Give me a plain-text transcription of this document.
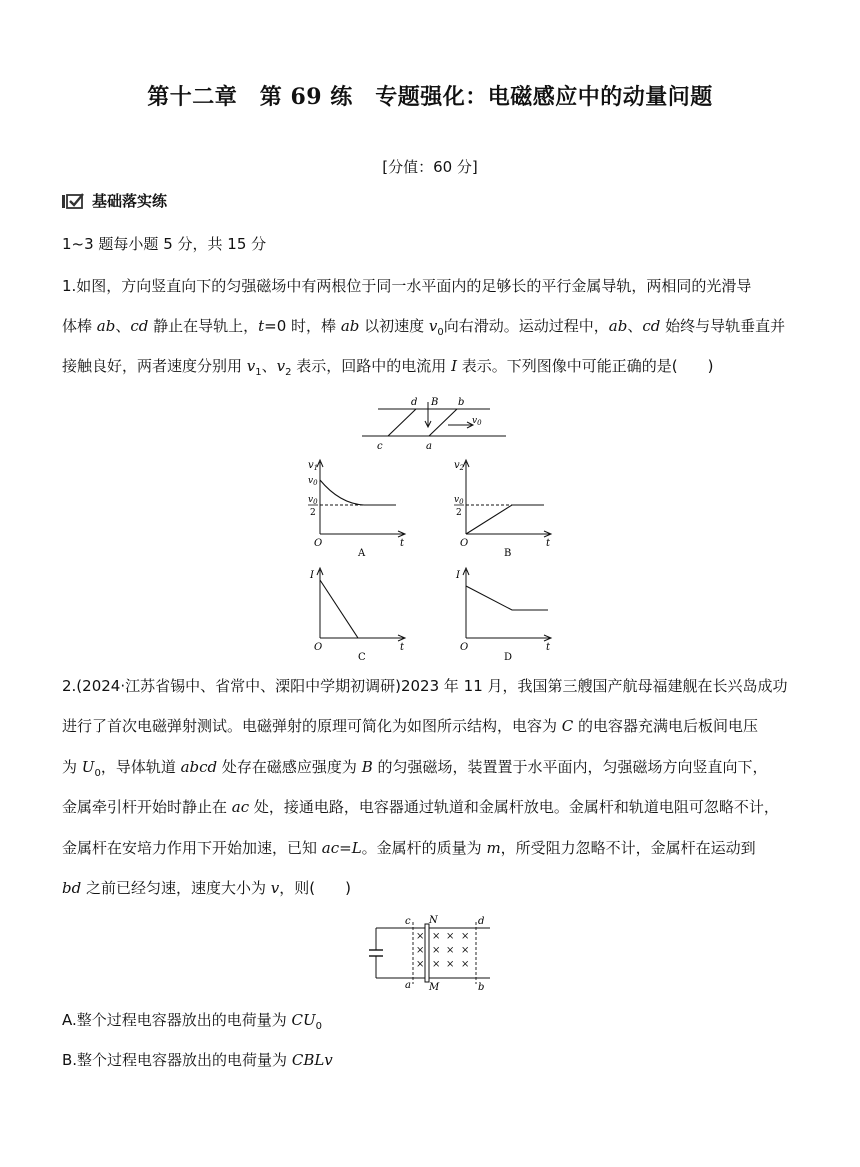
第十二章　第 69 练　专题强化：电磁感应中的动量问题
[分值：60 分]
基础落实练
1~3 题每小题 5 分，共 15 分
1.如图，方向竖直向下的匀强磁场中有两根位于同一水平面内的足够长的平行金属导轨，两相同的光滑导
体棒 ab、cd 静止在导轨上，t=0 时，棒 ab 以初速度 $v_0$向右滑动。运动过程中，ab、cd 始终与导轨垂直并
接触良好，两者速度分别用 $v_1$、$v_2$ 表示，回路中的电流用 I 表示。下列图像中可能正确的是(　　)
d B b
$v_0$
c	a
$v_1$
$v_0$
$v_0$
2
O	t
A
$v_2$
$v_0$
2
O	t
B
I
O	t
C
I
O	t
D
2.(2024·江苏省锡中、省常中、溧阳中学期初调研)2023 年 11 月，我国第三艘国产航母福建舰在长兴岛成功
进行了首次电磁弹射测试。电磁弹射的原理可简化为如图所示结构，电容为 C 的电容器充满电后板间电压
为 $U_0$，导体轨道 abcd 处存在磁感应强度为 B 的匀强磁场，装置置于水平面内，匀强磁场方向竖直向下，
金属牵引杆开始时静止在 ac 处，接通电路，电容器通过轨道和金属杆放电。金属杆和轨道电阻可忽略不计，
金属杆在安培力作用下开始加速，已知 ac=L。金属杆的质量为 m，所受阻力忽略不计，金属杆在运动到
bd 之前已经匀速，速度大小为 v，则(　　)
×
×
×
×
×
×
×
×
×
×
×
×
c N	d
a M	b
A.整个过程电容器放出的电荷量为 $CU_0$
B.整个过程电容器放出的电荷量为 CBLv
